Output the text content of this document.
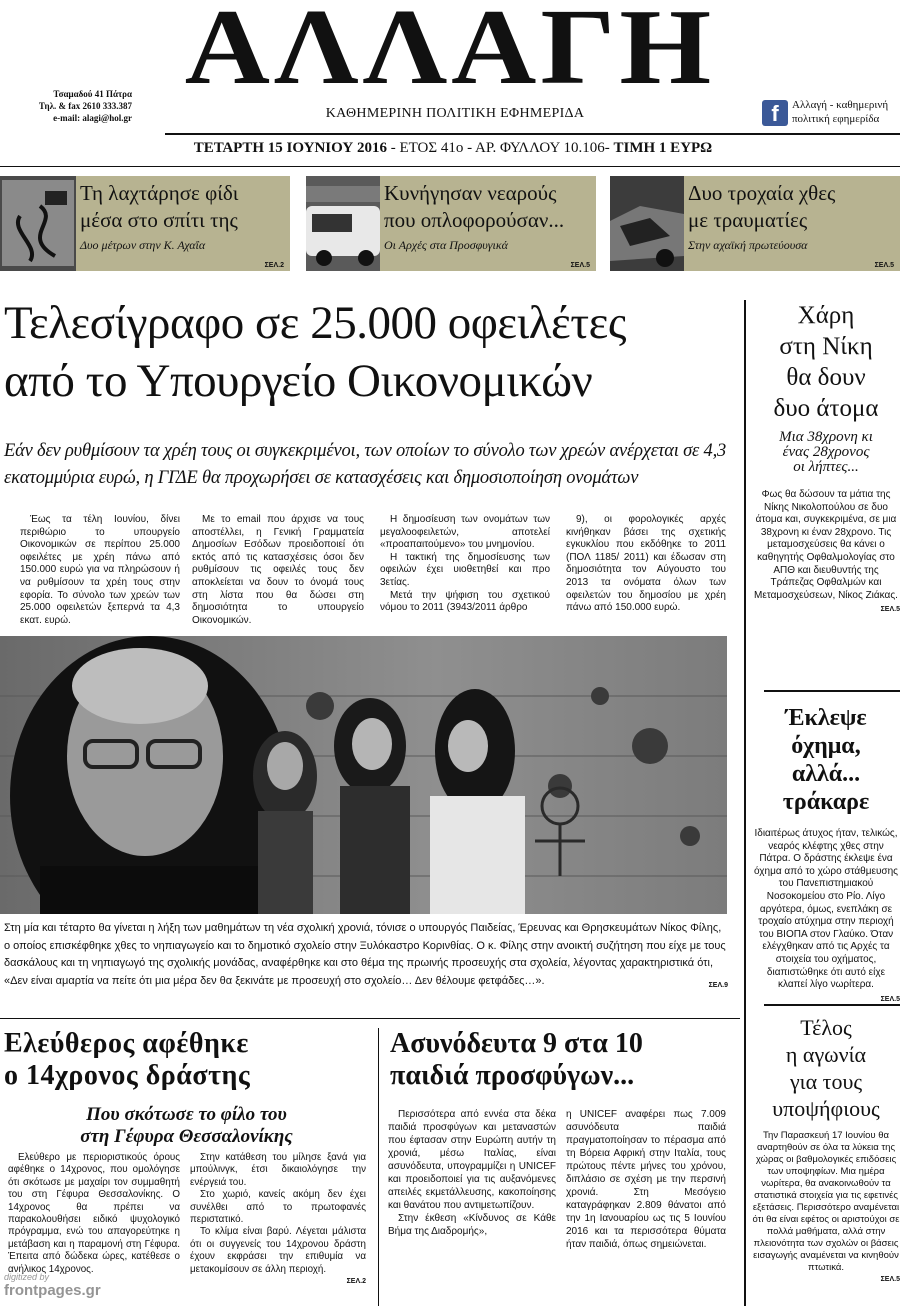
Τσαμαδού 41 Πάτρα
Τηλ. & fax 2610 333.387
e-mail: alagi@hol.gr
ΑΛΛΑΓΗ
ΚΑΘΗΜΕΡΙΝΗ ΠΟΛΙΤΙΚΗ ΕΦΗΜΕΡΙΔΑ	f	Αλλαγή - καθημερινή
πολιτική εφημερίδα
ΤΕΤΑΡΤΗ 15 ΙΟΥΝΙΟΥ 2016 - ΕΤΟΣ 41ο - ΑΡ. ΦΥΛΛΟΥ 10.106- ΤΙΜΗ 1 ΕΥΡΩ
Τη λαχτάρησε φίδι
μέσα στο σπίτι της
Δυο μέτρων στην Κ. Αχαΐα
ΣΕΛ.2
Κυνήγησαν νεαρούς
που οπλοφορούσαν...
Οι Αρχές στα Προσφυγικά
ΣΕΛ.5
Δυο τροχαία χθες
με τραυματίες
Στην αχαϊκή πρωτεύουσα
ΣΕΛ.5
Τελεσίγραφο σε 25.000 οφειλέτες
από το Υπουργείο Οικονομικών
Εάν δεν ρυθμίσουν τα χρέη τους οι συγκεκριμένοι, των οποίων το σύνολο των χρεών ανέρχεται σε 4,3 εκατομμύρια ευρώ, η ΓΓΔΕ θα προχωρήσει σε κατασχέσεις και δημοσιοποίηση ονομάτων

Έως τα τέλη Ιουνίου, δίνει περιθώριο το υπουργείο Οικονομικών σε περίπου 25.000 οφειλέτες με χρέη πάνω από 150.000 ευρώ για να πληρώσουν ή να ρυθμίσουν τα χρέη τους στην εφορία. Το σύνολο των χρεών των 25.000 οφειλετών ξεπερνά τα 4,3 εκατ. ευρώ.

Με το email που άρχισε να τους αποστέλλει, η Γενική Γραμματεία Δημοσίων Εσόδων προειδοποιεί ότι εκτός από τις κατασχέσεις όσοι δεν ρυθμίσουν τις οφειλές τους δεν αποκλείεται να δουν το όνομά τους στη λίστα που θα δώσει στη δημοσιότητα το υπουργείο Οικονομικών.

Η δημοσίευση των ονομάτων των μεγαλοοφειλετών, αποτελεί «προαπαιτούμενο» του μνημονίου.

Η τακτική της δημοσίευσης των οφειλών έχει υιοθετηθεί και προ 3ετίας.

Μετά την ψήφιση του σχετικού νόμου το 2011 (3943/2011 άρθρο

9), οι φορολογικές αρχές κινήθηκαν βάσει της σχετικής εγκυκλίου που εκδόθηκε το 2011 (ΠΟΛ 1185/ 2011) και έδωσαν στη δημοσιότητα τον Αύγουστο του 2013 τα ονόματα όλων των οφειλετών του δημοσίου με χρέη πάνω από 150.000 ευρώ.

Στη μία και τέταρτο θα γίνεται η λήξη των μαθημάτων τη νέα σχολική χρονιά, τόνισε ο υπουργός Παιδείας, Έρευνας και Θρησκευμάτων Νίκος Φίλης, ο οποίος επισκέφθηκε χθες το νηπιαγωγείο και το δημοτικό σχολείο στην Ξυλόκαστρο Κορινθίας. Ο κ. Φίλης στην ανοικτή συζήτηση που είχε με τους δασκάλους και τη νηπιαγωγό της σχολικής μονάδας, αναφέρθηκε και στο θέμα της πρωινής προσευχής στα σχολεία, λέγοντας χαρακτηριστικά ότι, «Δεν είναι αμαρτία να πείτε ότι μια μέρα δεν θα ξεκινάτε με προσευχή στο σχολείο… Δεν θέλουμε φετφάδες…».	ΣΕΛ.9
Χάρη
στη Νίκη
θα δουν
δυο άτομα
Μια 38χρονη κι
ένας 28χρονος
οι λήπτες...
Φως θα δώσουν τα μάτια της Νίκης Νικολοπούλου σε δυο άτομα και, συγκεκριμένα, σε μια 38χρονη κι έναν 28χρονο. Τις μεταμοσχεύσεις θα κάνει ο καθηγητής Οφθαλμολογίας στο ΑΠΘ και διευθυντής της Τράπεζας Οφθαλμών και Μεταμοσχεύσεων, Νίκος Ζιάκας.
ΣΕΛ.5
Έκλεψε
όχημα,
αλλά...
τράκαρε
Ιδιαιτέρως άτυχος ήταν, τελικώς, νεαρός κλέφτης χθες στην Πάτρα. Ο δράστης έκλεψε ένα όχημα από το χώρο στάθμευσης του Πανεπιστημιακού Νοσοκομείου στο Ρίο. Λίγο αργότερα, όμως, ενεπλάκη σε τροχαίο ατύχημα στην περιοχή του ΒΙΟΠΑ στον Γλαύκο. Όταν ελέγχθηκαν από τις Αρχές τα στοιχεία του οχήματος, διαπιστώθηκε ότι αυτό είχε κλαπεί λίγο νωρίτερα.
ΣΕΛ.5
Τέλος
η αγωνία
για τους
υποψήφιους
Την Παρασκευή 17 Ιουνίου θα αναρτηθούν σε όλα τα λύκεια της χώρας οι βαθμολογικές επιδόσεις των υποψηφίων. Μια ημέρα νωρίτερα, θα ανακοινωθούν τα στατιστικά στοιχεία για τις εφετινές εξετάσεις. Περισσότερο αναμένεται ότι θα είναι εφέτος οι αριστούχοι σε πολλά μαθήματα, αλλά στην πλειονότητα των σχολών οι βάσεις εισαγωγής αναμένεται να κινηθούν πτωτικά.
ΣΕΛ.5
Ελεύθερος αφέθηκε
ο 14χρονος δράστης
Που σκότωσε το φίλο του
στη Γέφυρα Θεσσαλονίκης

Ελεύθερο με περιοριστικούς όρους αφέθηκε ο 14χρονος, που ομολόγησε ότι σκότωσε με μαχαίρι τον συμμαθητή του στη Γέφυρα Θεσσαλονίκης. Ο 14χρονος θα πρέπει να παρακολουθήσει ειδικό ψυχολογικό πρόγραμμα, ενώ του απαγορεύτηκε η μετάβαση και η παραμονή στη Γέφυρα. Έπειτα από δώδεκα ώρες, κατέθεσε ο ανήλικος 14χρονος.

Στην κατάθεση του μίλησε ξανά για μπούλινγκ, έτσι δικαιολόγησε την ενέργειά του.

Στο χωριό, κανείς ακόμη δεν έχει συνέλθει από το πρωτοφανές περιστατικό.

Το κλίμα είναι βαρύ. Λέγεται μάλιστα ότι οι συγγενείς του 14χρονου δράστη έχουν εκφράσει την επιθυμία να μετακομίσουν σε άλλη περιοχή.

ΣΕΛ.2
Ασυνόδευτα 9 στα 10
παιδιά προσφύγων...

Περισσότερα από εννέα στα δέκα παιδιά προσφύγων και μεταναστών που έφτασαν στην Ευρώπη αυτήν τη χρονιά, μέσω Ιταλίας, είναι ασυνόδευτα, υπογραμμίζει η UNICEF και προειδοποιεί για τις αυξανόμενες απειλές εκμετάλλευσης, κακοποίησης και θανάτου που αντιμετωπίζουν.

Στην έκθεση «Κίνδυνος σε Κάθε Βήμα της Διαδρομής»,

η UNICEF αναφέρει πως 7.009 ασυνόδευτα παιδιά πραγματοποίησαν το πέρασμα από τη Βόρεια Αφρική στην Ιταλία, τους πρώτους πέντε μήνες του χρόνου, διπλάσιο σε σχέση με την περσινή χρονιά. Στη Μεσόγειο καταγράφηκαν 2.809 θάνατοι από την 1η Ιανουαρίου ως τις 5 Ιουνίου 2016 και τα περισσότερα θύματα ήταν παιδιά, όπως σημειώνεται.

digitized by
frontpages.gr
